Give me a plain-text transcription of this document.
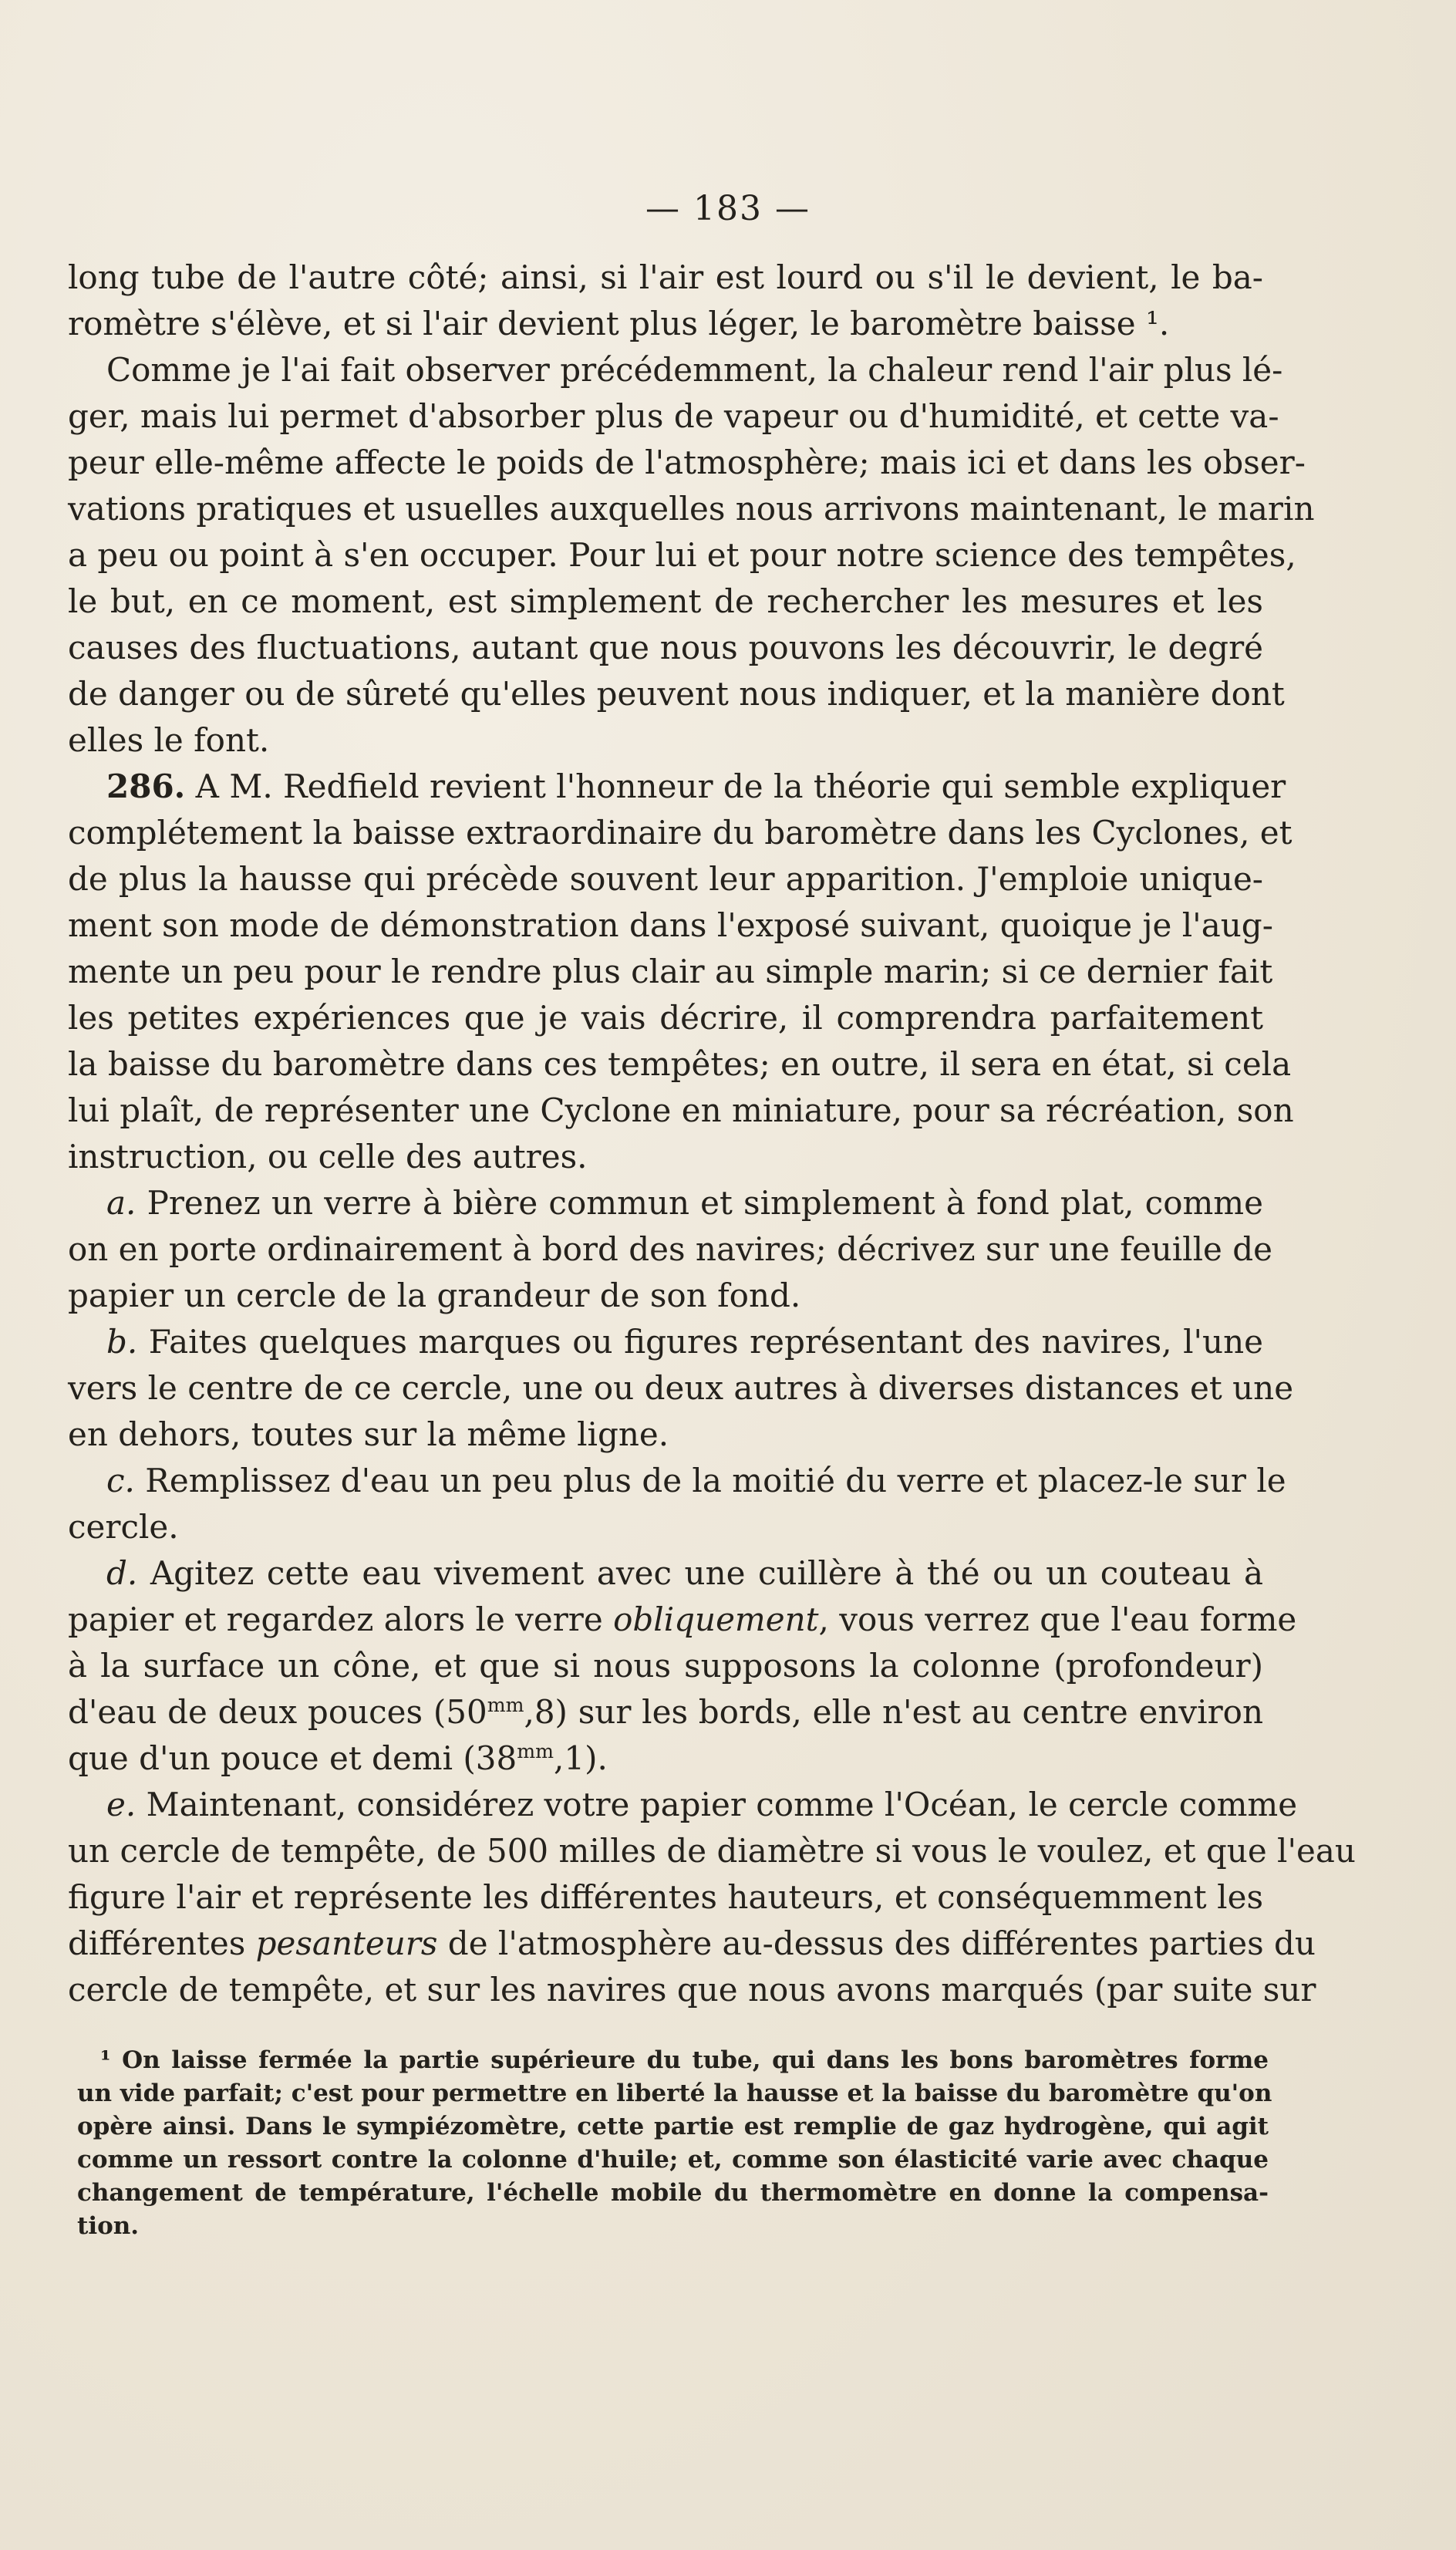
— 183 —
long tube de l'autre côté; ainsi, si l'air est lourd ou s'il le devient, le ba-
romètre s'élève, et si l'air devient plus léger, le baromètre baisse ¹.
Comme je l'ai fait observer précédemment, la chaleur rend l'air plus lé-
ger, mais lui permet d'absorber plus de vapeur ou d'humidité, et cette va-
peur elle-même affecte le poids de l'atmosphère; mais ici et dans les obser-
vations pratiques et usuelles auxquelles nous arrivons maintenant, le marin
a peu ou point à s'en occuper. Pour lui et pour notre science des tempêtes,
le but, en ce moment, est simplement de rechercher les mesures et les
causes des fluctuations, autant que nous pouvons les découvrir, le degré
de danger ou de sûreté qu'elles peuvent nous indiquer, et la manière dont
elles le font.
286. A M. Redfield revient l'honneur de la théorie qui semble expliquer
complétement la baisse extraordinaire du baromètre dans les Cyclones, et
de plus la hausse qui précède souvent leur apparition. J'emploie unique-
ment son mode de démonstration dans l'exposé suivant, quoique je l'aug-
mente un peu pour le rendre plus clair au simple marin; si ce dernier fait
les petites expériences que je vais décrire, il comprendra parfaitement
la baisse du baromètre dans ces tempêtes; en outre, il sera en état, si cela
lui plaît, de représenter une Cyclone en miniature, pour sa récréation, son
instruction, ou celle des autres.
a. Prenez un verre à bière commun et simplement à fond plat, comme
on en porte ordinairement à bord des navires; décrivez sur une feuille de
papier un cercle de la grandeur de son fond.
b. Faites quelques marques ou figures représentant des navires, l'une
vers le centre de ce cercle, une ou deux autres à diverses distances et une
en dehors, toutes sur la même ligne.
c. Remplissez d'eau un peu plus de la moitié du verre et placez-le sur le
cercle.
d. Agitez cette eau vivement avec une cuillère à thé ou un couteau à
papier et regardez alors le verre obliquement, vous verrez que l'eau forme
à la surface un cône, et que si nous supposons la colonne (profondeur)
d'eau de deux pouces $(50^{mm},8)$ sur les bords, elle n'est au centre environ
que d'un pouce et demi $(38^{mm},1)$.
e. Maintenant, considérez votre papier comme l'Océan, le cercle comme
un cercle de tempête, de 500 milles de diamètre si vous le voulez, et que l'eau
figure l'air et représente les différentes hauteurs, et conséquemment les
différentes pesanteurs de l'atmosphère au-dessus des différentes parties du
cercle de tempête, et sur les navires que nous avons marqués (par suite sur
¹ On laisse fermée la partie supérieure du tube, qui dans les bons baromètres forme
un vide parfait; c'est pour permettre en liberté la hausse et la baisse du baromètre qu'on
opère ainsi. Dans le sympiézomètre, cette partie est remplie de gaz hydrogène, qui agit
comme un ressort contre la colonne d'huile; et, comme son élasticité varie avec chaque
changement de température, l'échelle mobile du thermomètre en donne la compensa-
tion.
